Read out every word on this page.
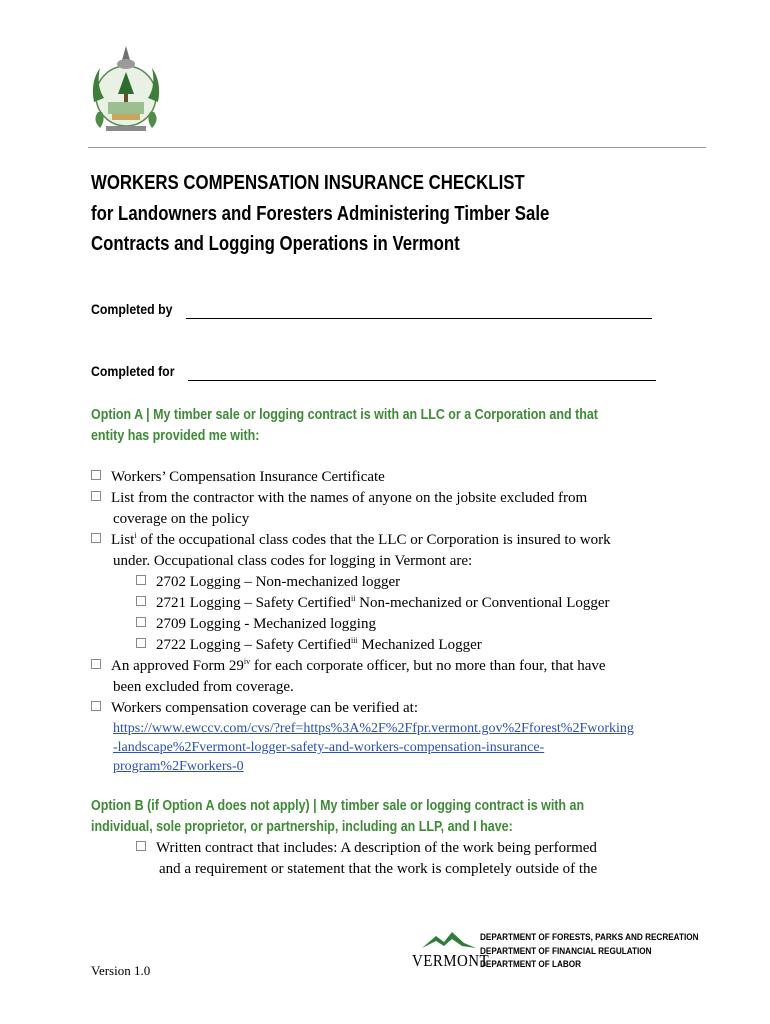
WORKERS COMPENSATION INSURANCE CHECKLIST
for Landowners and Foresters Administering Timber Sale
Contracts and Logging Operations in Vermont
Completed by
Completed for
Option A | My timber sale or logging contract is with an LLC or a Corporation and that
entity has provided me with:
Workers’ Compensation Insurance Certificate
List from the contractor with the names of anyone on the jobsite excluded from
coverage on the policy
List$^i$ of the occupational class codes that the LLC or Corporation is insured to work
under. Occupational class codes for logging in Vermont are:
2702 Logging – Non-mechanized logger
2721 Logging – Safety Certified$^{ii}$ Non-mechanized or Conventional Logger
2709 Logging - Mechanized logging
2722 Logging – Safety Certified$^{iii}$ Mechanized Logger
An approved Form 29$^{iv}$ for each corporate officer, but no more than four, that have
been excluded from coverage.
Workers compensation coverage can be verified at:
https://www.ewccv.com/cvs/?ref=https%3A%2F%2Ffpr.vermont.gov%2Fforest%2Fworking
-landscape%2Fvermont-logger-safety-and-workers-compensation-insurance-
program%2Fworkers-0
Option B (if Option A does not apply) | My timber sale or logging contract is with an
individual, sole proprietor, or partnership, including an LLP, and I have:
Written contract that includes: A description of the work being performed
and a requirement or statement that the work is completely outside of the
Version 1.0
VERMONT
DEPARTMENT OF FORESTS, PARKS AND RECREATION
DEPARTMENT OF FINANCIAL REGULATION
DEPARTMENT OF LABOR
